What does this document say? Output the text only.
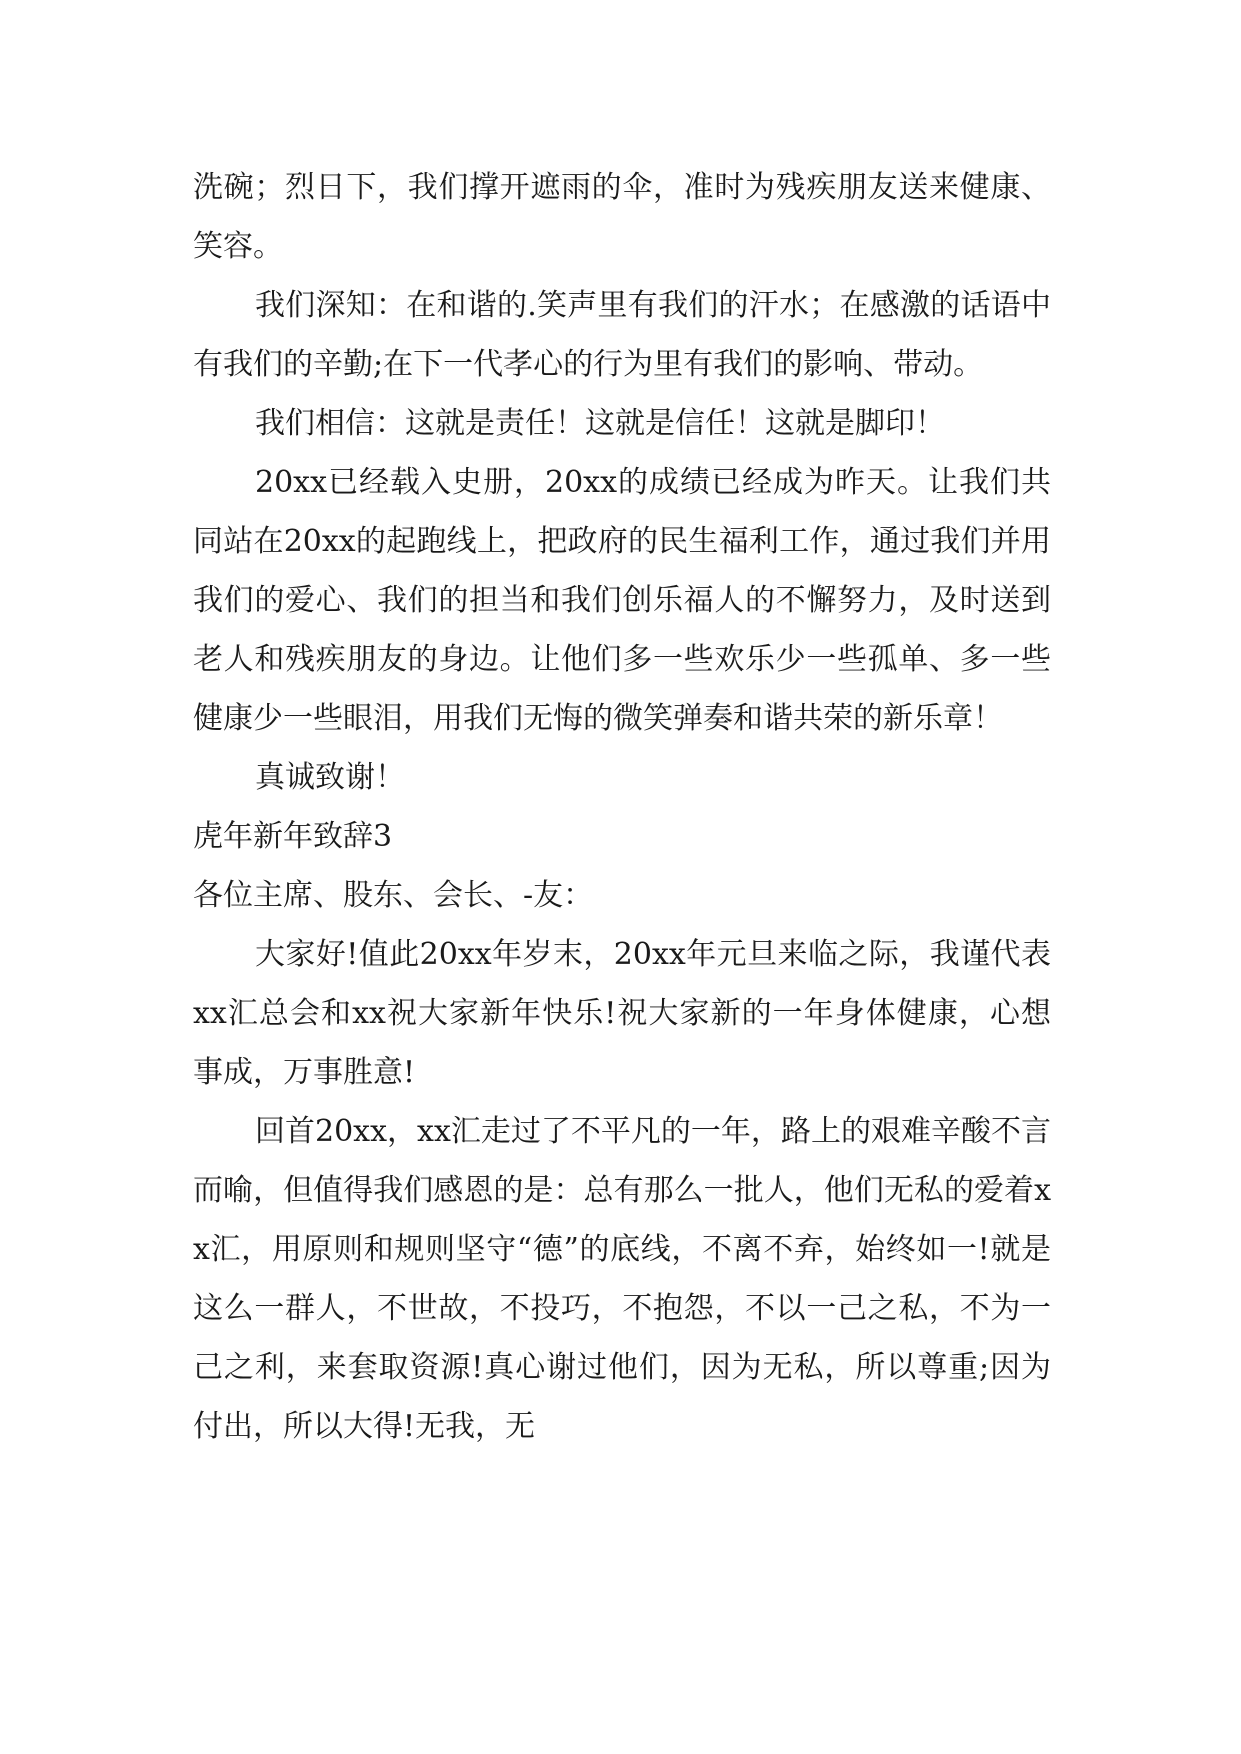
洗碗；烈日下，我们撑开遮雨的伞，准时为残疾朋友送来健康、笑容。

我们深知：在和谐的.笑声里有我们的汗水；在感激的话语中有我们的辛勤;在下一代孝心的行为里有我们的影响、带动。

我们相信：这就是责任！这就是信任！这就是脚印！

20xx已经载入史册，20xx的成绩已经成为昨天。让我们共同站在20xx的起跑线上，把政府的民生福利工作，通过我们并用我们的爱心、我们的担当和我们创乐福人的不懈努力，及时送到老人和残疾朋友的身边。让他们多一些欢乐少一些孤单、多一些健康少一些眼泪，用我们无悔的微笑弹奏和谐共荣的新乐章！

真诚致谢！

虎年新年致辞3

各位主席、股东、会长、-友：

大家好!值此20xx年岁末，20xx年元旦来临之际，我谨代表xx汇总会和xx祝大家新年快乐!祝大家新的一年身体健康，心想事成，万事胜意!

回首20xx，xx汇走过了不平凡的一年，路上的艰难辛酸不言而喻，但值得我们感恩的是：总有那么一批人，他们无私的爱着xx汇，用原则和规则坚守“德”的底线，不离不弃，始终如一!就是这么一群人，不世故，不投巧，不抱怨，不以一己之私，不为一己之利，来套取资源!真心谢过他们，因为无私，所以尊重;因为付出，所以大得!无我，无
